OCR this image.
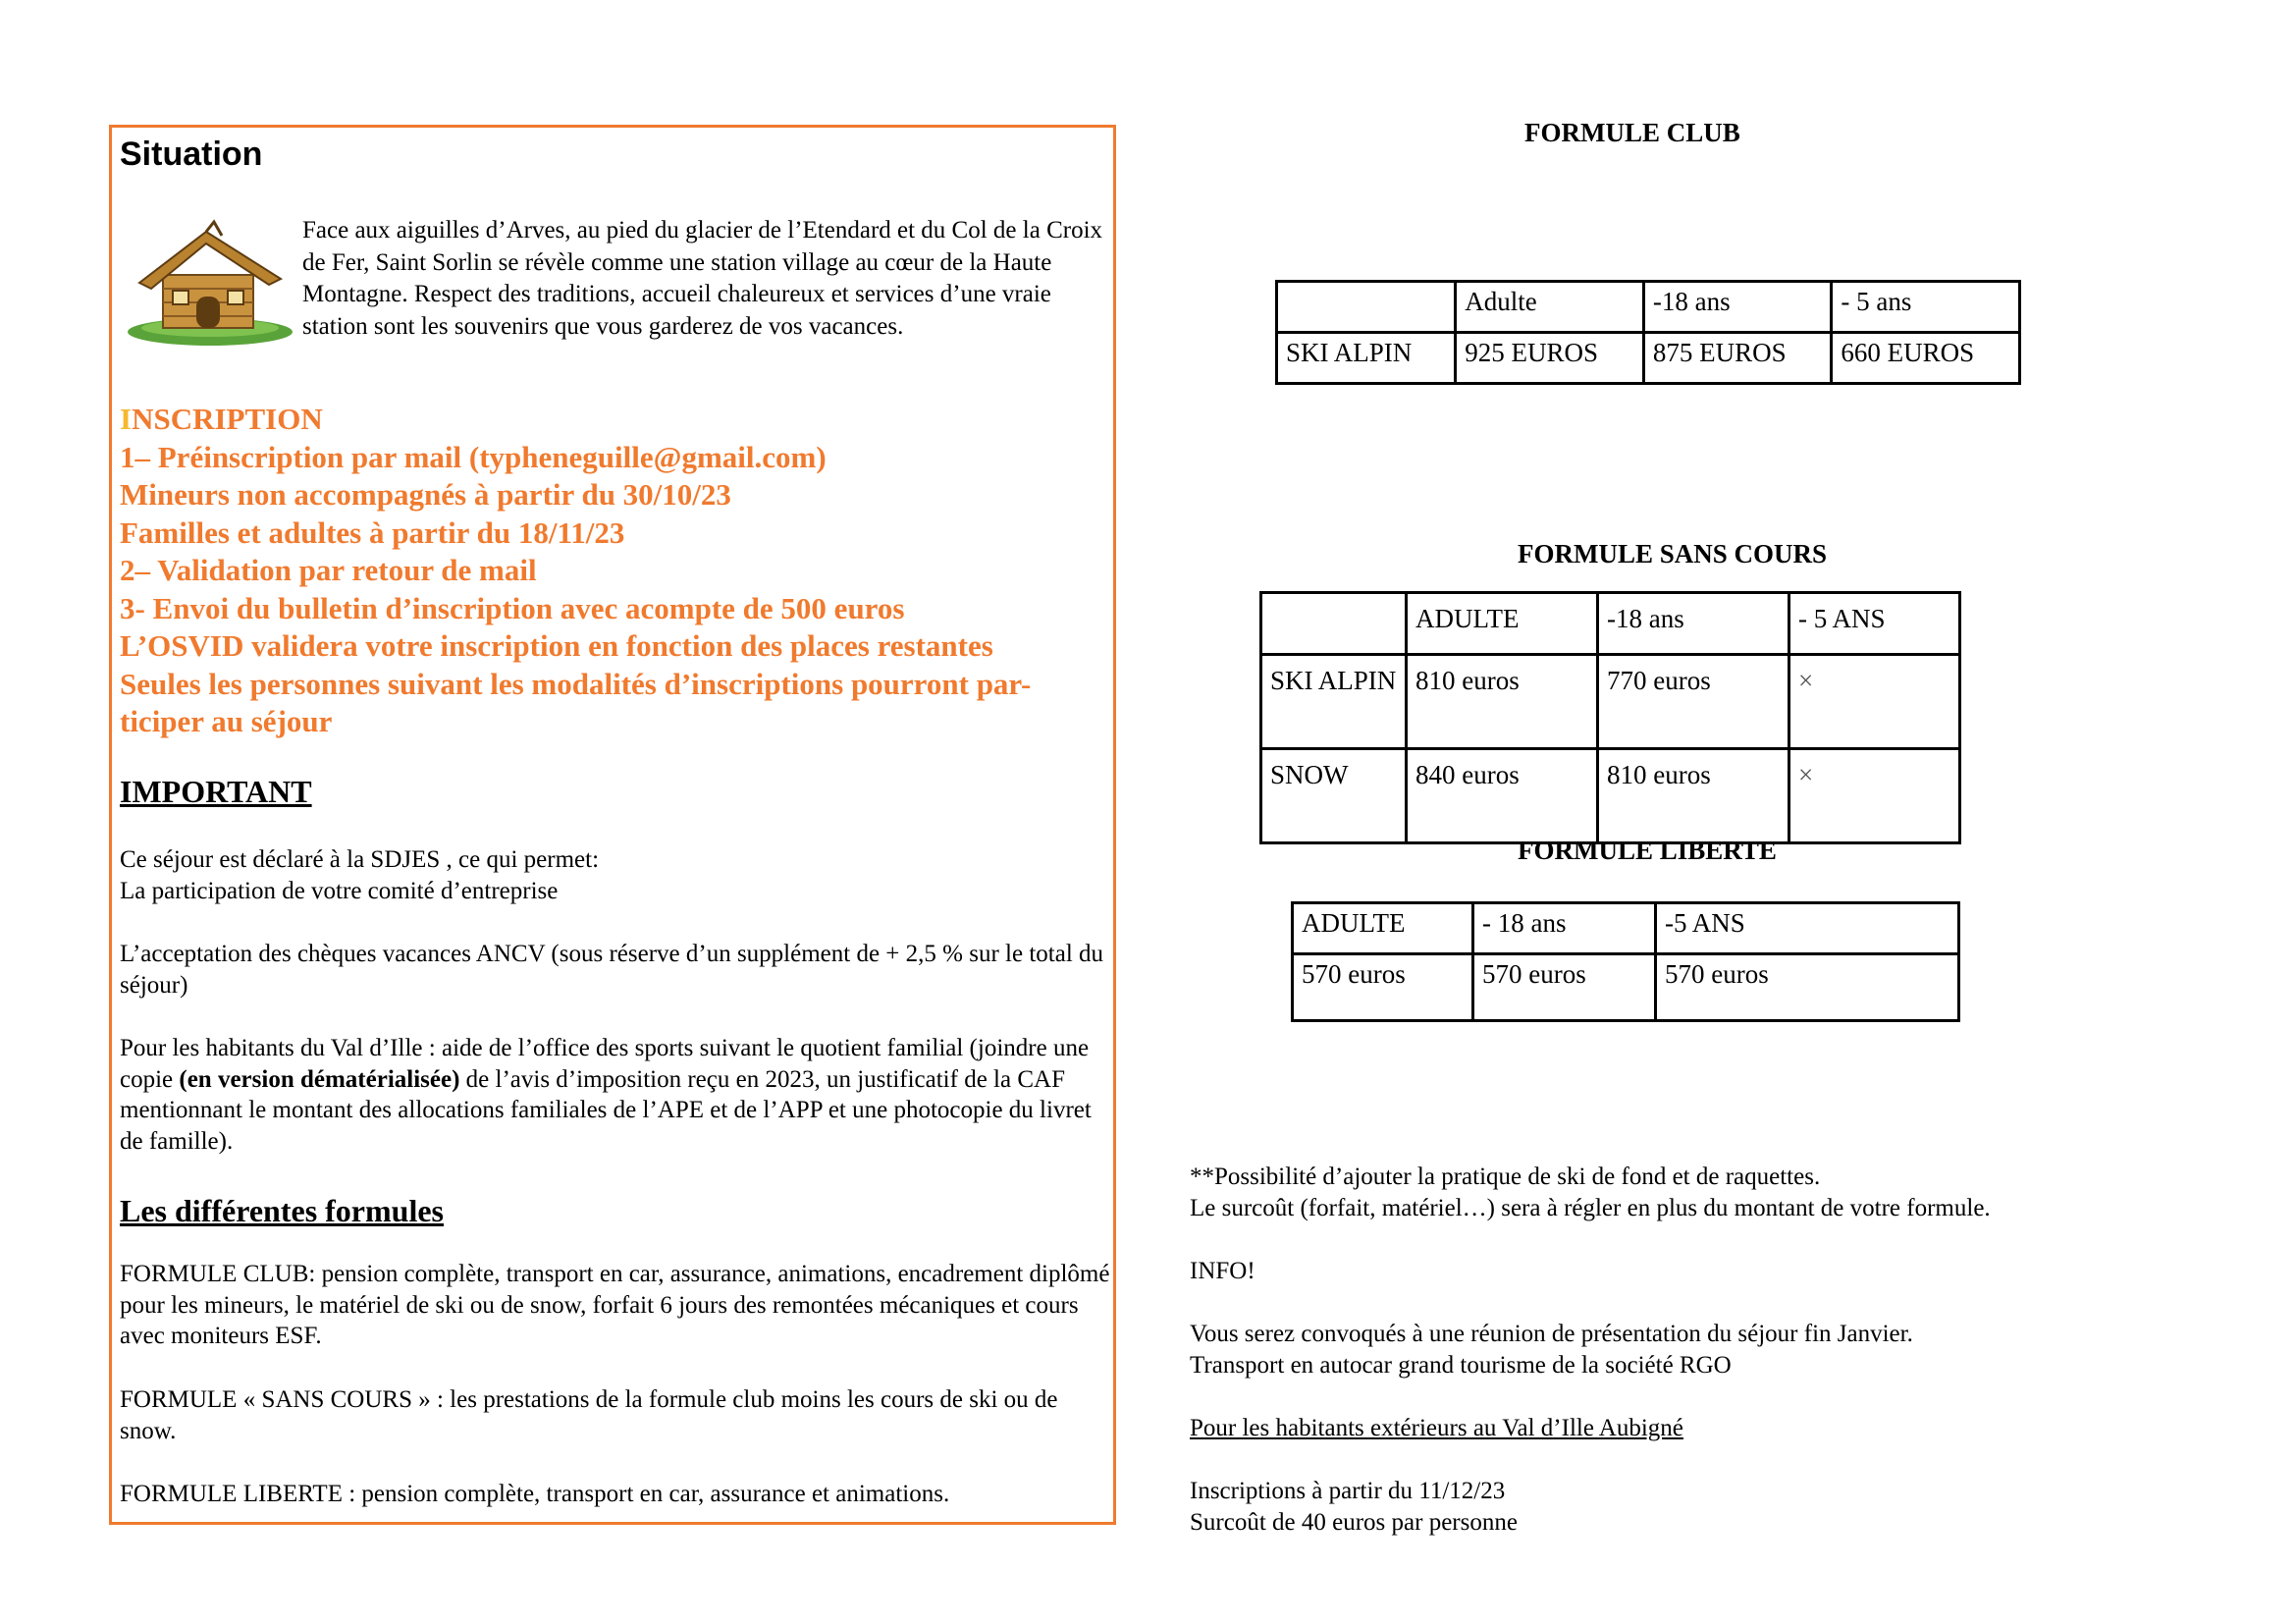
Situation
Face aux aiguilles d’Arves, au pied du glacier de l’Etendard et du Col de la Croix de Fer, Saint Sorlin se révèle comme une station village au cœur de la Haute Montagne. Respect des traditions, accueil chaleureux et services d’une vraie station sont les souvenirs que vous garderez de vos vacances.
INSCRIPTION
1– Préinscription par mail (typheneguille@gmail.com)
Mineurs non accompagnés à partir du 30/10/23
Familles et adultes à partir du 18/11/23
2– Validation par retour de mail
3- Envoi du bulletin d’inscription avec acompte de 500 euros
L’OSVID validera votre inscription en fonction des places restantes
Seules les personnes suivant les modalités d’inscriptions pourront par-
ticiper au séjour
IMPORTANT
Ce séjour est déclaré à la SDJES , ce qui permet:
La participation de votre comité d’entreprise
L’acceptation des chèques vacances ANCV (sous réserve d’un supplément de + 2,5 % sur le total du séjour)
Pour les habitants du Val d’Ille : aide de l’office des sports suivant le quotient familial (joindre une copie (en version dématérialisée) de l’avis d’imposition reçu en 2023, un justificatif de la CAF mentionnant le montant des allocations familiales de l’APE et de l’APP et une photocopie du livret de famille).
Les différentes formules
FORMULE CLUB: pension complète, transport en car, assurance, animations, encadrement diplômé pour les mineurs, le matériel de ski ou de snow, forfait 6 jours des remontées mécaniques et cours avec moniteurs ESF.
FORMULE « SANS COURS » : les prestations de la formule club moins les cours de ski ou de snow.
FORMULE LIBERTE : pension complète, transport en car, assurance et animations.
FORMULE CLUB
	Adulte	-18 ans	- 5 ans
SKI ALPIN	925 EUROS	875 EUROS	660 EUROS
FORMULE SANS COURS
	ADULTE	-18 ans	- 5 ANS
SKI ALPIN	810 euros	770 euros	×
SNOW	840 euros	810 euros	×
FORMULE LIBERTE
ADULTE	- 18 ans	-5 ANS
570 euros	570 euros	570 euros
**Possibilité d’ajouter la pratique de ski de fond et de raquettes.
Le surcoût (forfait, matériel…) sera à régler en plus du montant de votre formule.
INFO!
Vous serez convoqués à une réunion de présentation du séjour fin Janvier.
Transport en autocar grand tourisme de la société RGO
Pour les habitants extérieurs au Val d’Ille Aubigné
Inscriptions à partir du 11/12/23
Surcoût de 40 euros par personne
